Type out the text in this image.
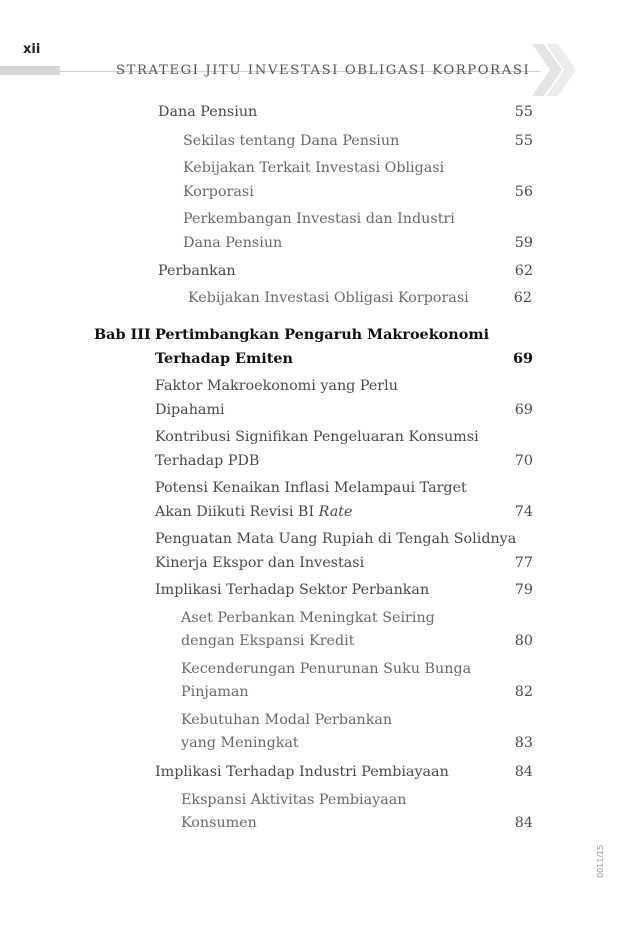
xii
STRATEGI JITU INVESTASI OBLIGASI KORPORASI
Dana Pensiun	55
Sekilas tentang Dana Pensiun	55
Kebijakan Terkait Investasi Obligasi
Korporasi	56
Perkembangan Investasi dan Industri
Dana Pensiun	59
Perbankan	62
Kebijakan Investasi Obligasi Korporasi	62
Bab III Pertimbangkan Pengaruh Makroekonomi
Terhadap Emiten	69
Faktor Makroekonomi yang Perlu
Dipahami	69
Kontribusi Signifikan Pengeluaran Konsumsi
Terhadap PDB	70
Potensi Kenaikan Inflasi Melampaui Target
Akan Diikuti Revisi BI Rate	74
Penguatan Mata Uang Rupiah di Tengah Solidnya
Kinerja Ekspor dan Investasi	77
Implikasi Terhadap Sektor Perbankan	79
Aset Perbankan Meningkat Seiring
dengan Ekspansi Kredit	80
Kecenderungan Penurunan Suku Bunga
Pinjaman	82
Kebutuhan Modal Perbankan
yang Meningkat	83
Implikasi Terhadap Industri Pembiayaan	84
Ekspansi Aktivitas Pembiayaan
Konsumen	84
0011/15
